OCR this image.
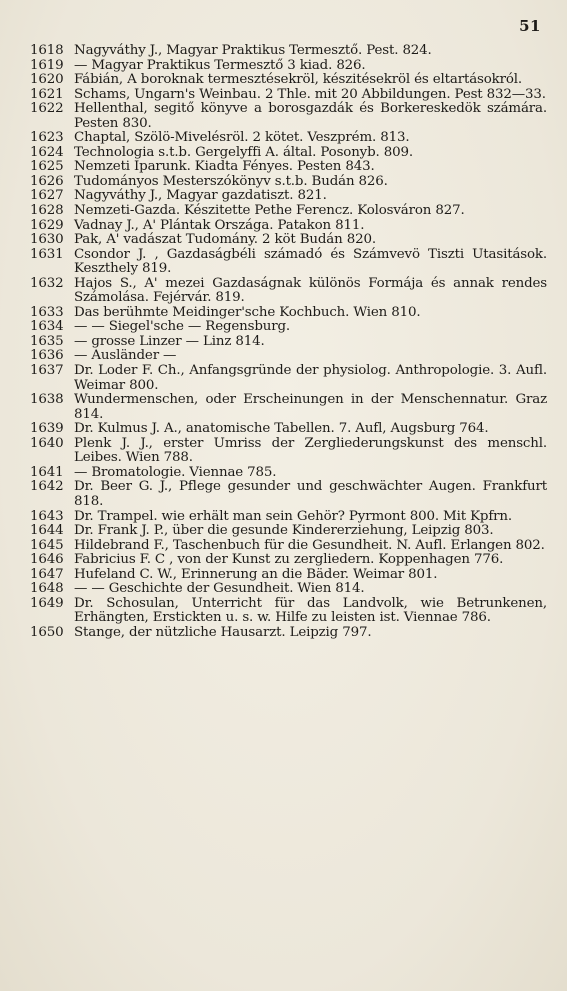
51
1618 Nagyváthy J., Magyar Praktikus Termesztő. Pest. 824.
1619 — Magyar Praktikus Termesztő 3 kiad. 826.
1620 Fábián, A boroknak termesztésekröl, készitésekröl és eltartásokról.
1621 Schams, Ungarn's Weinbau. 2 Thle. mit 20 Abbildungen. Pest 832—33.
1622 Hellenthal, segitő könyve a borosgazdák és Borkereskedök számára. Pesten 830.
1623 Chaptal, Szölö-Mivelésröl. 2 kötet. Veszprém. 813.
1624 Technologia s.t.b. Gergelyffi A. által. Posonyb. 809.
1625 Nemzeti Iparunk. Kiadta Fényes. Pesten 843.
1626 Tudományos Mesterszókönyv s.t.b. Budán 826.
1627 Nagyváthy J., Magyar gazdatiszt. 821.
1628 Nemzeti-Gazda. Készitette Pethe Ferencz. Kolosváron 827.
1629 Vadnay J., A' Plántak Országa. Patakon 811.
1630 Pak, A' vadászat Tudomány. 2 köt Budán 820.
1631 Csondor J. , Gazdaságbéli számadó és Számvevö Tiszti Utasitások. Keszthely 819.
1632 Hajos S., A' mezei Gazdaságnak különös Formája és annak rendes Számolása. Fejérvár. 819.
1633 Das berühmte Meidinger'sche Kochbuch. Wien 810.
1634 — — Siegel'sche — Regensburg.
1635 — grosse Linzer — Linz 814.
1636 — Ausländer —
1637 Dr. Loder F. Ch., Anfangsgründe der physiolog. Anthropologie. 3. Aufl. Weimar 800.
1638 Wundermenschen, oder Erscheinungen in der Menschennatur. Graz 814.
1639 Dr. Kulmus J. A., anatomische Tabellen. 7. Aufl, Augsburg 764.
1640 Plenk J. J., erster Umriss der Zergliederungskunst des menschl. Leibes. Wien 788.
1641 — Bromatologie. Viennae 785.
1642 Dr. Beer G. J., Pflege gesunder und geschwächter Augen. Frankfurt 818.
1643 Dr. Trampel. wie erhält man sein Gehör? Pyrmont 800. Mit Kpfrn.
1644 Dr. Frank J. P., über die gesunde Kindererziehung, Leipzig 803.
1645 Hildebrand F., Taschenbuch für die Gesundheit. N. Aufl. Erlangen 802.
1646 Fabricius F. C , von der Kunst zu zergliedern. Koppenhagen 776.
1647 Hufeland C. W., Erinnerung an die Bäder. Weimar 801.
1648 — — Geschichte der Gesundheit. Wien 814.
1649 Dr. Schosulan, Unterricht für das Landvolk, wie Betrunkenen, Erhängten, Erstickten u. s. w. Hilfe zu leisten ist. Viennae 786.
1650 Stange, der nützliche Hausarzt. Leipzig 797.
